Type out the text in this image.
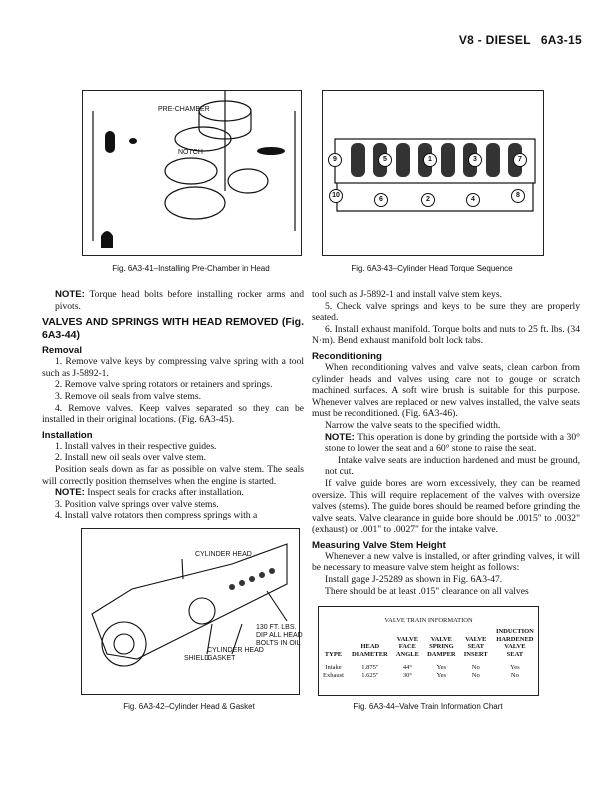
V8 - DIESEL 6A3-15
PRE-CHAMBER
NOTCH
Fig. 6A3-41–Installing Pre-Chamber in Head
9	5	1	3	7
10
6	2	4
8
Fig. 6A3-43–Cylinder Head Torque Sequence

NOTE: Torque head bolts before installing rocker arms and pivots.

VALVES AND SPRINGS WITH HEAD REMOVED (Fig. 6A3-44)

Removal

1. Remove valve keys by compressing valve spring with a tool such as J-5892-1.

2. Remove valve spring rotators or retainers and springs.

3. Remove oil seals from valve stems.

4. Remove valves. Keep valves separated so they can be installed in their original locations. (Fig. 6A3-45).

Installation

1. Install valves in their respective guides.

2. Install new oil seals over valve stem.

Position seals down as far as possible on valve stem. The seals will correctly position themselves when the engine is started.

NOTE: Inspect seals for cracks after installation.

3. Position valve springs over valve stems.

4. Install valve rotators then compress springs with a

tool such as J-5892-1 and install valve stem keys.

5. Check valve springs and keys to be sure they are properly seated.

6. Install exhaust manifold. Torque bolts and nuts to 25 ft. lbs. (34 N·m). Bend exhaust manifold bolt lock tabs.

Reconditioning

When reconditioning valves and valve seats, clean carbon from cylinder heads and valves using care not to gouge or scratch machined surfaces. A soft wire brush is suitable for this purpose. Whenever valves are replaced or new valves installed, the valve seats must be reconditioned. (Fig. 6A3-46).

Narrow the valve seats to the specified width.

NOTE: This operation is done by grinding the portside with a 30° stone to lower the seat and a 60° stone to raise the seat.

Intake valve seats are induction hardened and must be ground, not cut.

If valve guide bores are worn excessively, they can be reamed oversize. This will require replacement of the valves with oversize valves (stems). The guide bores should be reamed before grinding the valve seats. Valve clearance in guide bore should be .0015" to .0032" (exhaust) or .001" to .0027" for the intake valve.

Measuring Valve Stem Height

Whenever a new valve is installed, or after grinding valves, it will be necessary to measure valve stem height as follows:

Install gage J-25289 as shown in Fig. 6A3-47.

There should be at least .015" clearance on all valves

CYLINDER HEAD
130 FT. LBS.
DIP ALL HEAD
BOLTS IN OIL
CYLINDER HEAD
GASKET
SHIELD
Fig. 6A3-42–Cylinder Head & Gasket
VALVE TRAIN INFORMATION
TYPE	HEAD DIAMETER	VALVE FACE ANGLE	VALVE SPRING DAMPER	VALVE SEAT INSERT	INDUCTION HARDENED VALVE SEAT
Intake	1.875"	44°	Yes	No	Yes
Exhaust	1.625"	30°	Yes	No	No
Fig. 6A3-44–Valve Train Information Chart
